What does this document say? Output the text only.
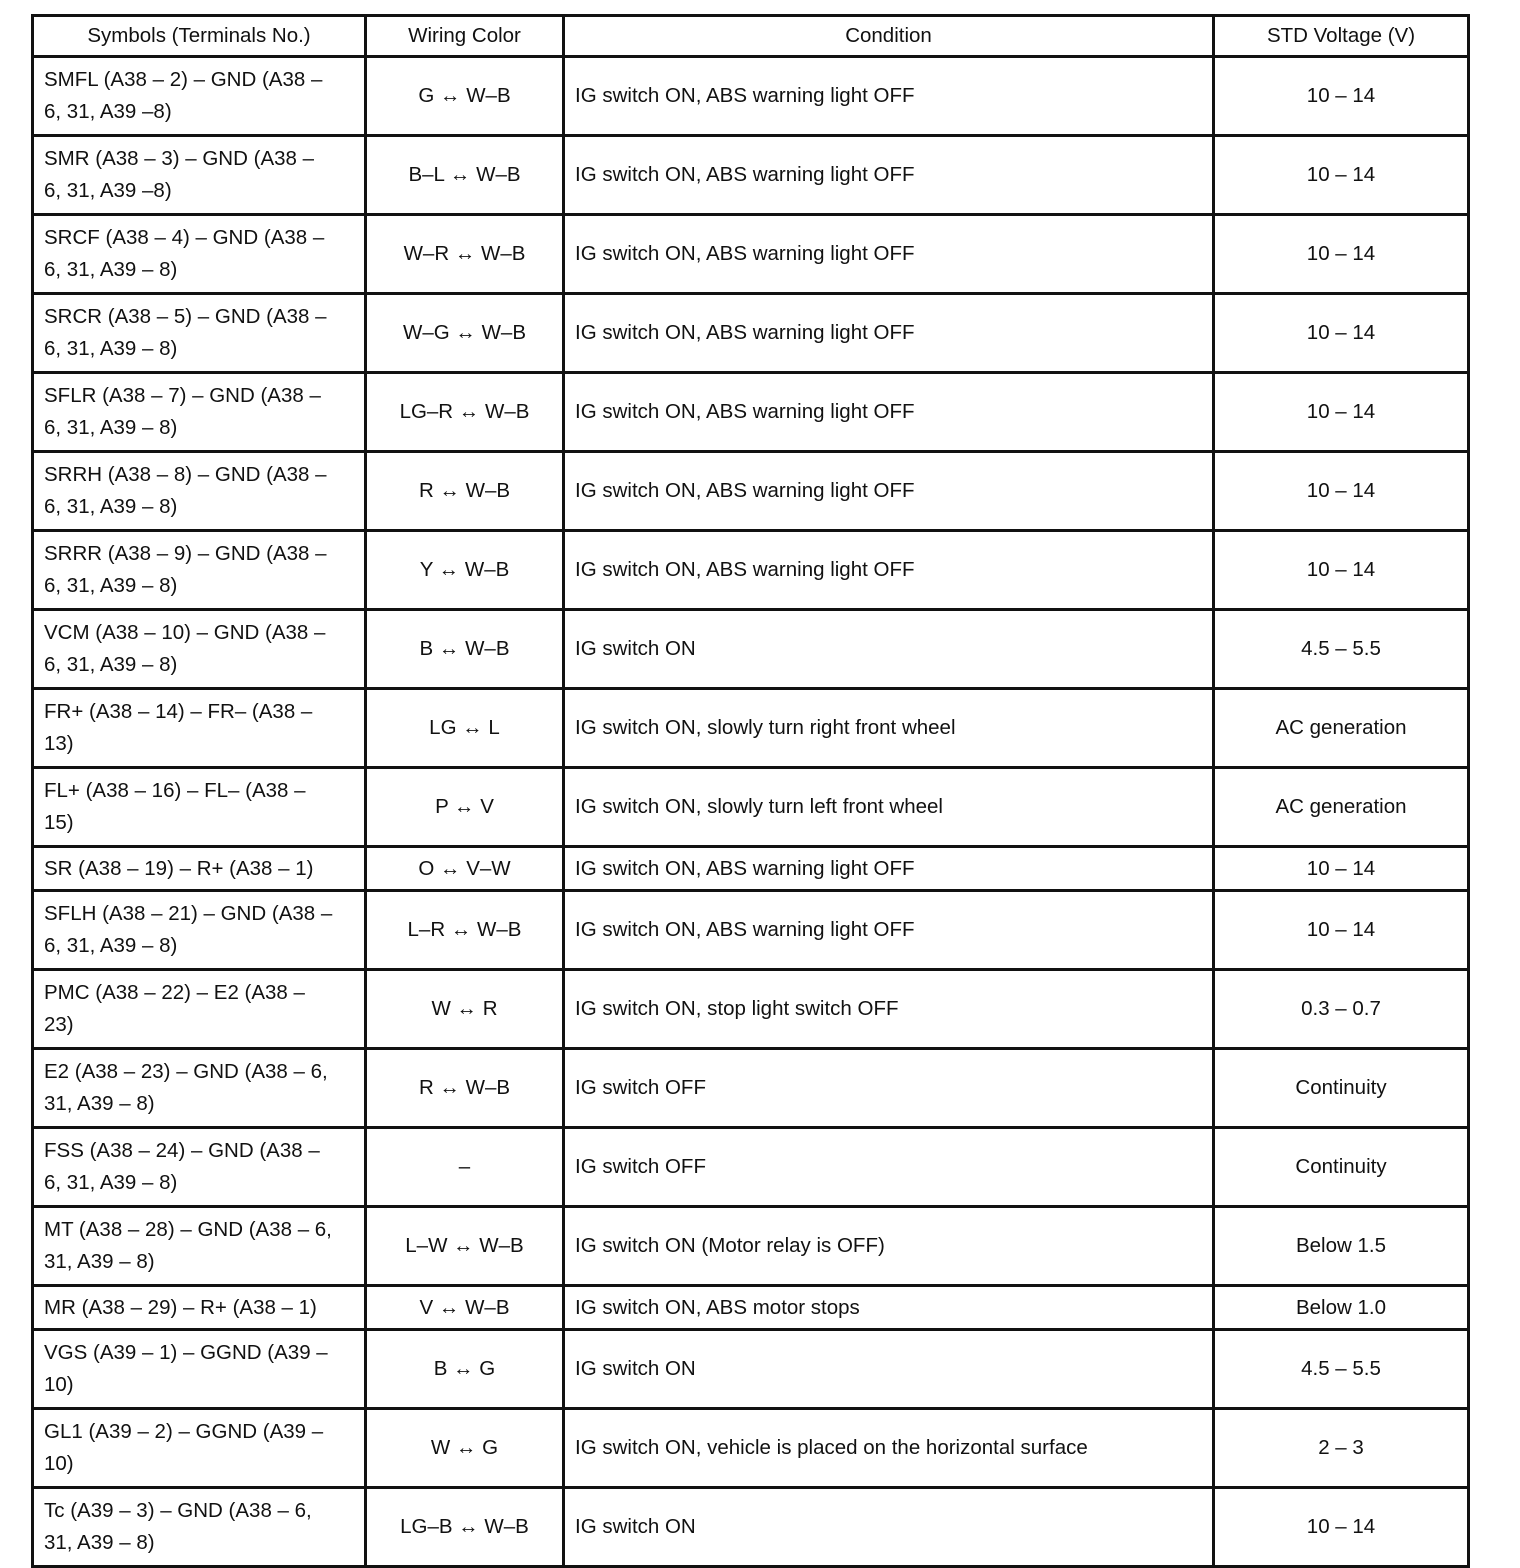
Symbols (Terminals No.)	Wiring Color	Condition	STD Voltage (V)

SMFL (A38 – 2) – GND (A38 –
6, 31, A39 –8)	G ↔ W–B	IG switch ON, ABS warning light OFF	10 – 14

SMR (A38 – 3) – GND (A38 –
6, 31, A39 –8)	B–L ↔ W–B	IG switch ON, ABS warning light OFF	10 – 14

SRCF (A38 – 4) – GND (A38 –
6, 31, A39 – 8)	W–R ↔ W–B	IG switch ON, ABS warning light OFF	10 – 14

SRCR (A38 – 5) – GND (A38 –
6, 31, A39 – 8)	W–G ↔ W–B	IG switch ON, ABS warning light OFF	10 – 14

SFLR (A38 – 7) – GND (A38 –
6, 31, A39 – 8)	LG–R ↔ W–B	IG switch ON, ABS warning light OFF	10 – 14

SRRH (A38 – 8) – GND (A38 –
6, 31, A39 – 8)	R ↔ W–B	IG switch ON, ABS warning light OFF	10 – 14

SRRR (A38 – 9) – GND (A38 –
6, 31, A39 – 8)	Y ↔ W–B	IG switch ON, ABS warning light OFF	10 – 14

VCM (A38 – 10) – GND (A38 –
6, 31, A39 – 8)	B ↔ W–B	IG switch ON	4.5 – 5.5

FR+ (A38 – 14) – FR– (A38 –
13)	LG ↔ L	IG switch ON, slowly turn right front wheel	AC generation

FL+ (A38 – 16) – FL– (A38 –
15)	P ↔ V	IG switch ON, slowly turn left front wheel	AC generation

SR (A38 – 19) – R+ (A38 – 1)	O ↔ V–W	IG switch ON, ABS warning light OFF	10 – 14

SFLH (A38 – 21) – GND (A38 –
6, 31, A39 – 8)	L–R ↔ W–B	IG switch ON, ABS warning light OFF	10 – 14

PMC (A38 – 22) – E2 (A38 –
23)	W ↔ R	IG switch ON, stop light switch OFF	0.3 – 0.7

E2 (A38 – 23) – GND (A38 – 6,
31, A39 – 8)	R ↔ W–B	IG switch OFF	Continuity

FSS (A38 – 24) – GND (A38 –
6, 31, A39 – 8)	–	IG switch OFF	Continuity

MT (A38 – 28) – GND (A38 – 6,
31, A39 – 8)	L–W ↔ W–B	IG switch ON (Motor relay is OFF)	Below 1.5

MR (A38 – 29) – R+ (A38 – 1)	V ↔ W–B	IG switch ON, ABS motor stops	Below 1.0

VGS (A39 – 1) – GGND (A39 –
10)	B ↔ G	IG switch ON	4.5 – 5.5

GL1 (A39 – 2) – GGND (A39 –
10)	W ↔ G	IG switch ON, vehicle is placed on the horizontal surface	2 – 3

Tc (A39 – 3) – GND (A38 – 6,
31, A39 – 8)	LG–B ↔ W–B	IG switch ON	10 – 14
